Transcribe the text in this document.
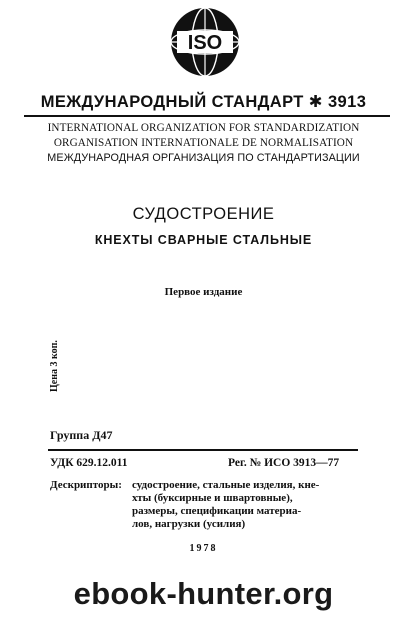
ISO
МЕЖДУНАРОДНЫЙ СТАНДАРТ ✱ 3913
INTERNATIONAL ORGANIZATION FOR STANDARDIZATION
ORGANISATION INTERNATIONALE DE NORMALISATION
МЕЖДУНАРОДНАЯ ОРГАНИЗАЦИЯ ПО СТАНДАРТИЗАЦИИ
СУДОСТРОЕНИЕ
КНЕХТЫ СВАРНЫЕ СТАЛЬНЫЕ
Первое издание
Цена 3 коп.
Группа Д47
УДК 629.12.011	Рег. № ИСО 3913—77
Дескрипторы: судостроение, стальные изделия, кне-
хты (буксирные и швартовные),
размеры, спецификации материа-
лов, нагрузки (усилия)
1978
ebook-hunter.org
